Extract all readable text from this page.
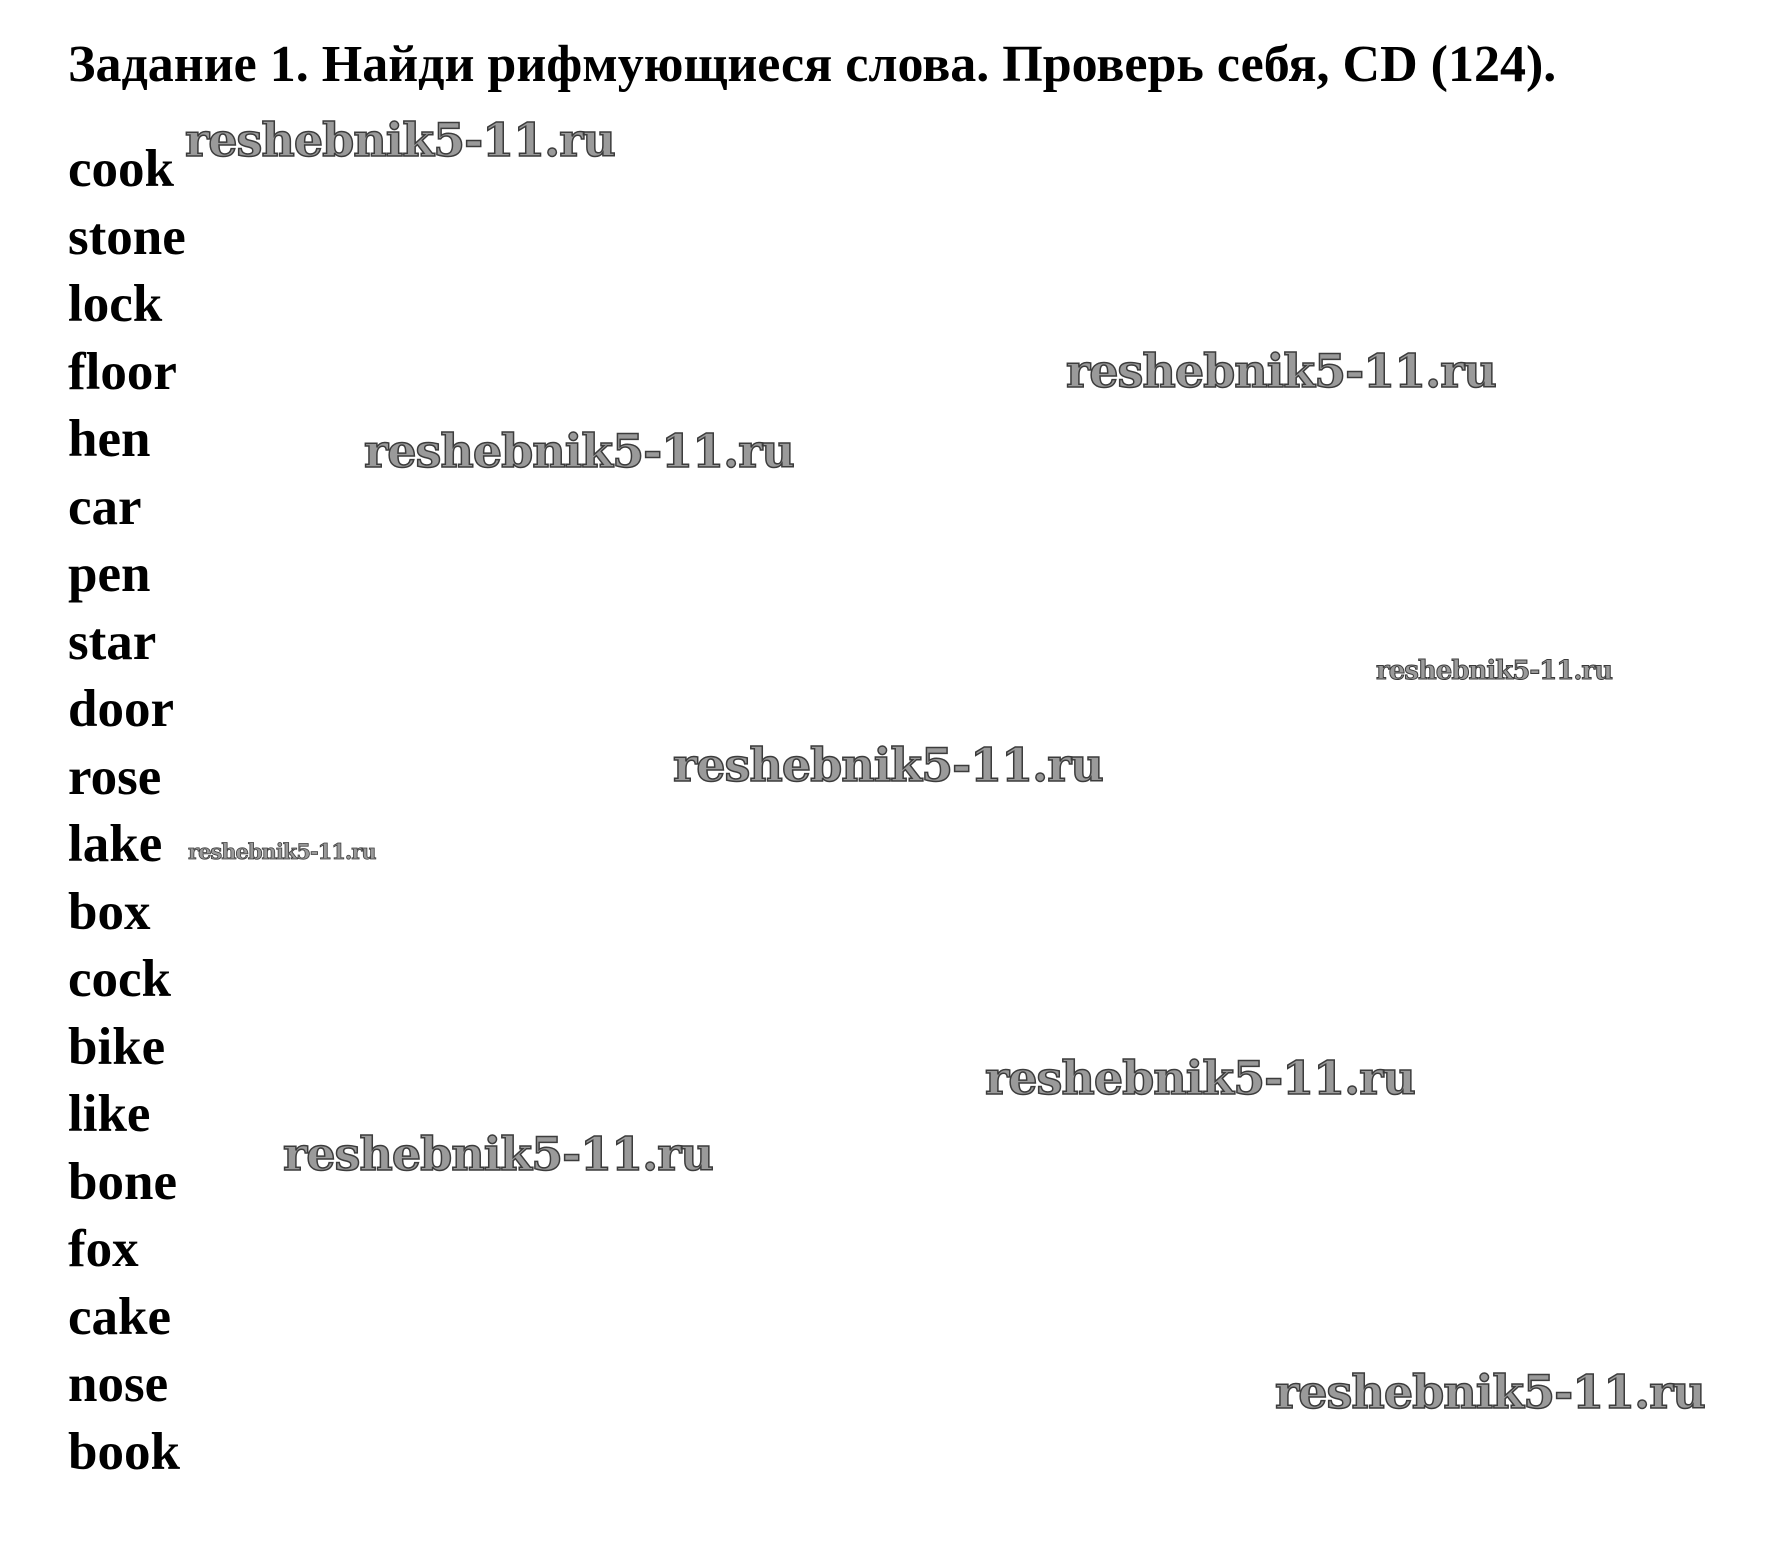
Задание 1. Найди рифмующиеся слова. Проверь себя, CD (124).
cook
stone
lock
floor
hen
car
pen
star
door
rose
lake
box
cock
bike
like
bone
fox
cake
nose
book
reshebnik5-11.ru
reshebnik5-11.ru
reshebnik5-11.ru
reshebnik5-11.ru
reshebnik5-11.ru
reshebnik5-11.ru
reshebnik5-11.ru
reshebnik5-11.ru
reshebnik5-11.ru
